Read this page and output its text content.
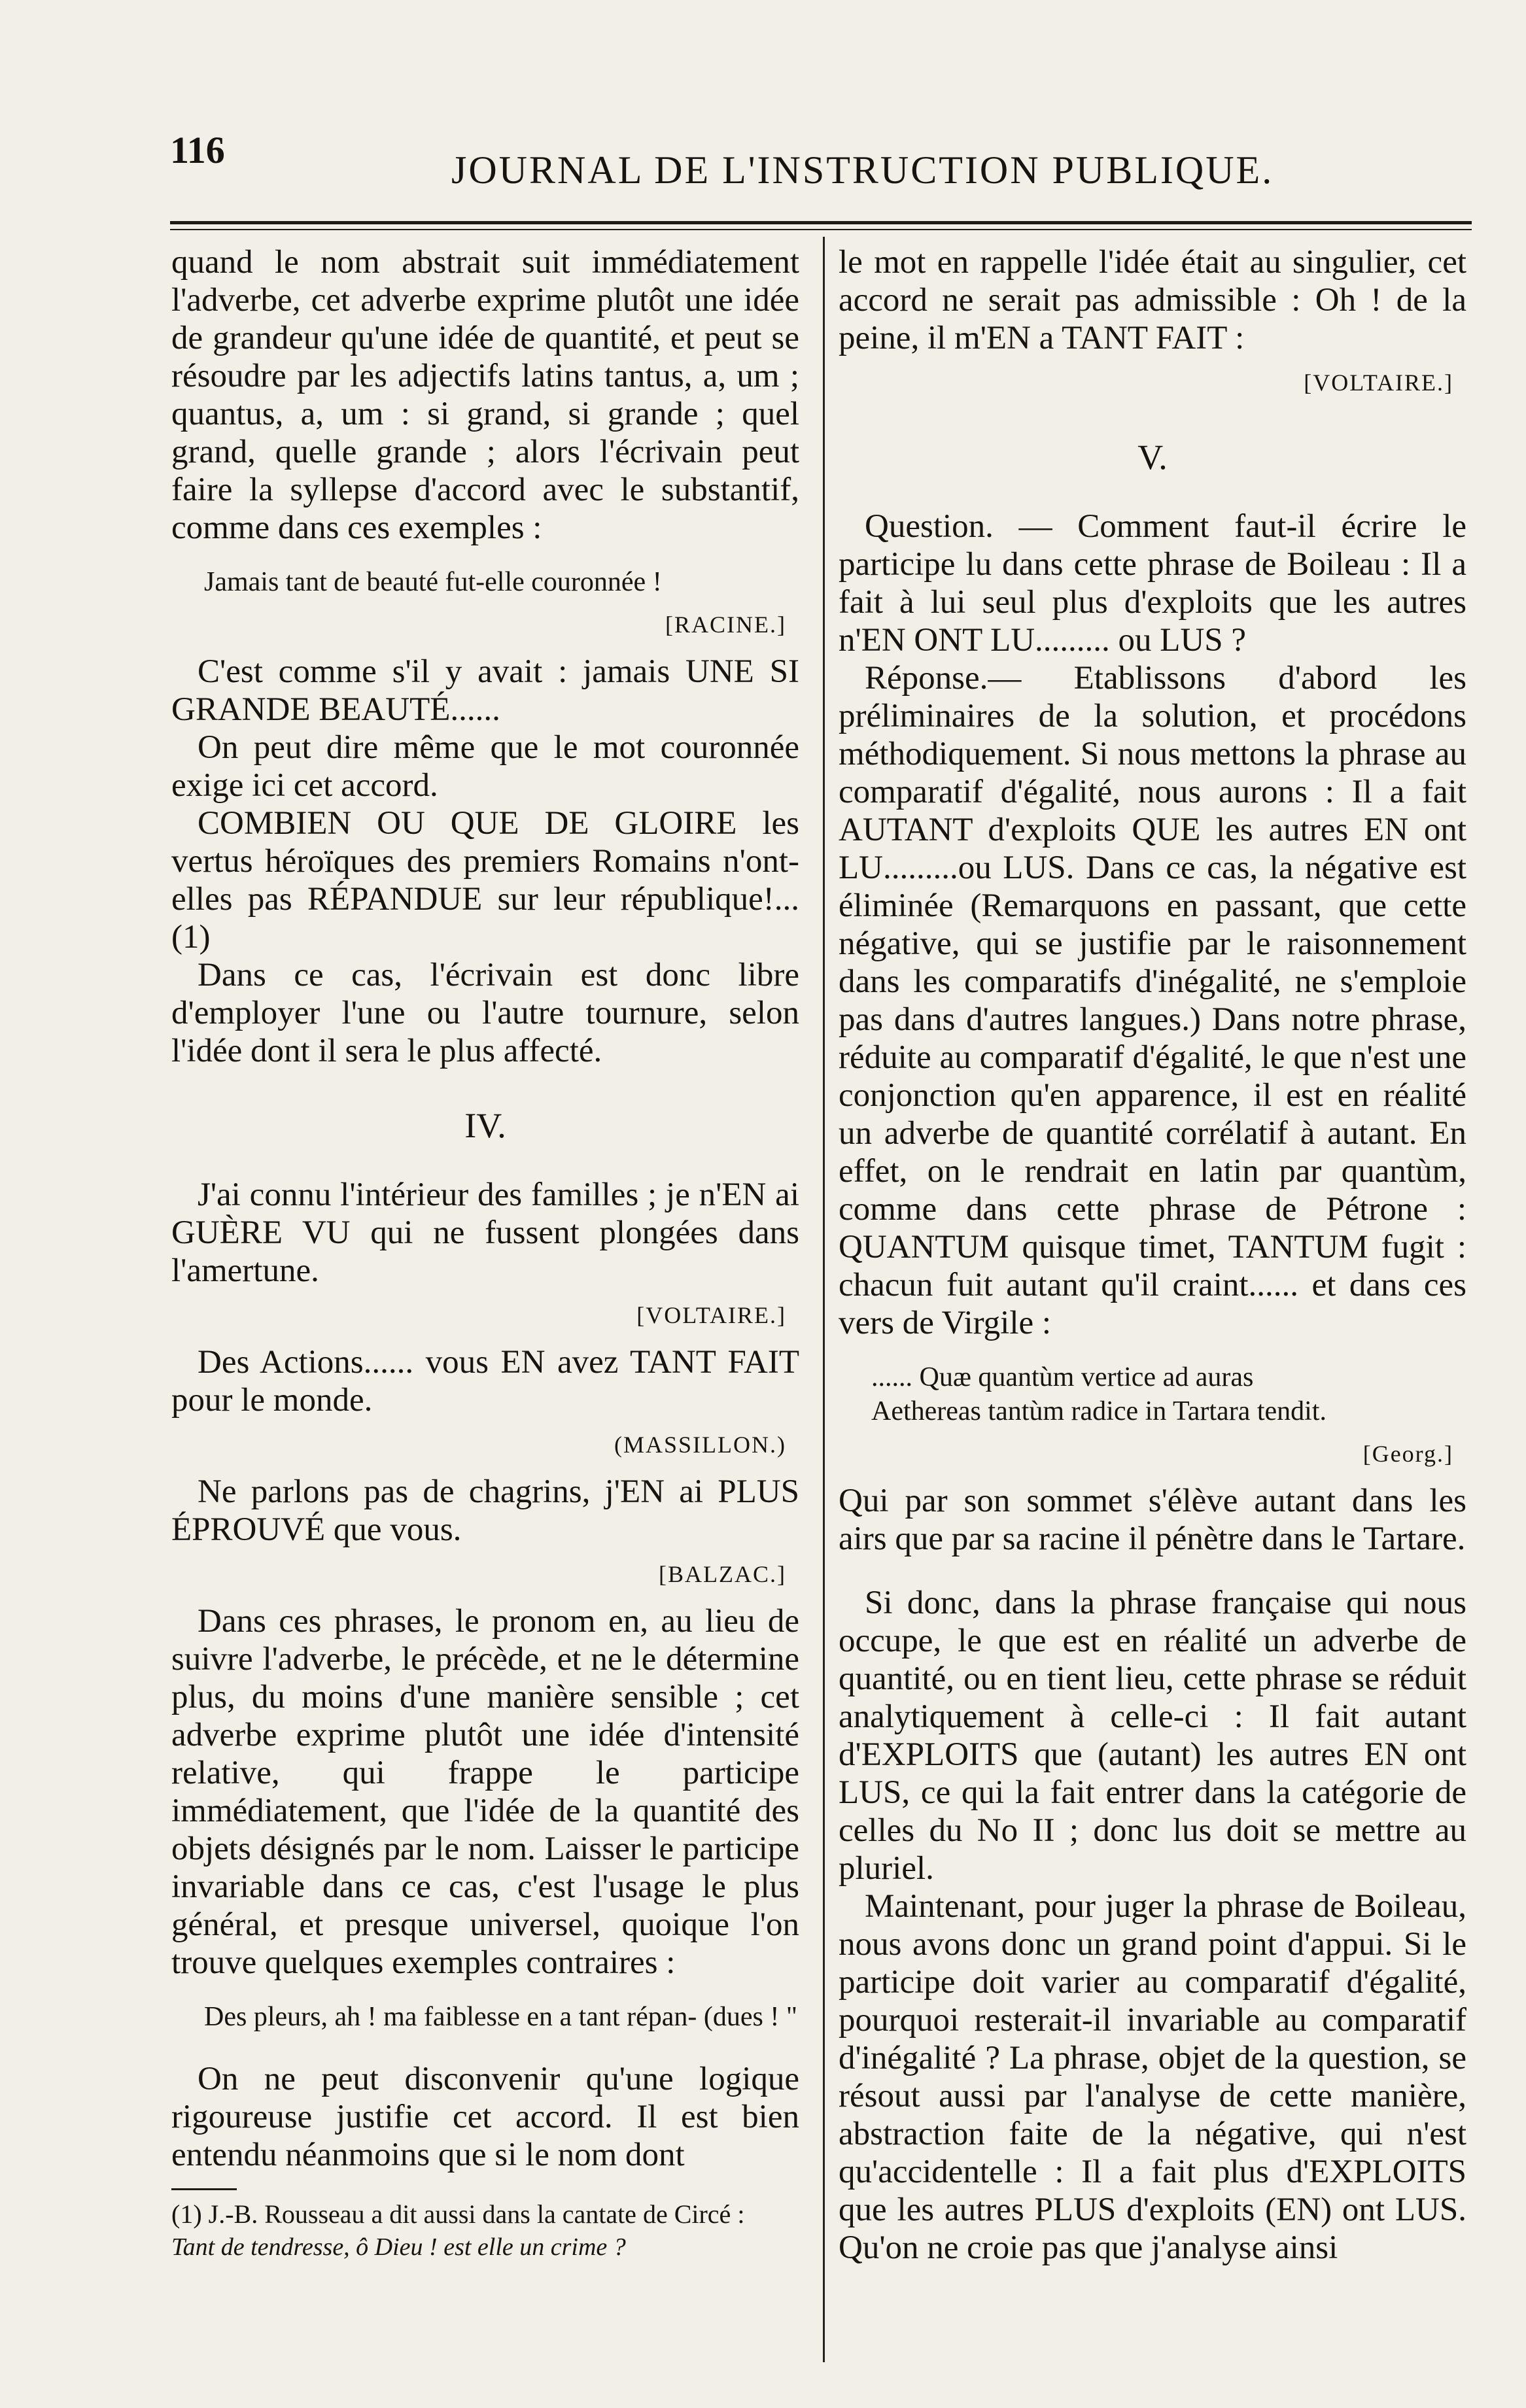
116	JOURNAL DE L'INSTRUCTION PUBLIQUE.

quand le nom abstrait suit immédiatement l'adverbe, cet adverbe exprime plutôt une idée de grandeur qu'une idée de quantité, et peut se résoudre par les adjectifs latins tantus, a, um ; quantus, a, um : si grand, si grande ; quel grand, quelle grande ; alors l'écrivain peut faire la syllepse d'accord avec le substantif, comme dans ces exemples :

Jamais tant de beauté fut-elle couronnée !
[RACINE.]

C'est comme s'il y avait : jamais UNE SI GRANDE BEAUTÉ......

On peut dire même que le mot couronnée exige ici cet accord.

COMBIEN OU QUE DE GLOIRE les vertus héroïques des premiers Romains n'ont-elles pas RÉPANDUE sur leur république!... (1)

Dans ce cas, l'écrivain est donc libre d'employer l'une ou l'autre tournure, selon l'idée dont il sera le plus affecté.

IV.

J'ai connu l'intérieur des familles ; je n'EN ai GUÈRE VU qui ne fussent plongées dans l'amertune.

[VOLTAIRE.]

Des Actions...... vous EN avez TANT FAIT pour le monde.

(MASSILLON.)

Ne parlons pas de chagrins, j'EN ai PLUS ÉPROUVÉ que vous.

[BALZAC.]

Dans ces phrases, le pronom en, au lieu de suivre l'adverbe, le précède, et ne le détermine plus, du moins d'une manière sensible ; cet adverbe exprime plutôt une idée d'intensité relative, qui frappe le participe immédiatement, que l'idée de la quantité des objets désignés par le nom. Laisser le participe invariable dans ce cas, c'est l'usage le plus général, et presque universel, quoique l'on trouve quelques exemples contraires :

Des pleurs, ah ! ma faiblesse en a tant répan- (dues ! "

On ne peut disconvenir qu'une logique rigoureuse justifie cet accord. Il est bien entendu néanmoins que si le nom dont

(1) J.-B. Rousseau a dit aussi dans la cantate de Circé :

Tant de tendresse, ô Dieu ! est elle un crime ?

le mot en rappelle l'idée était au singulier, cet accord ne serait pas admissible : Oh ! de la peine, il m'EN a TANT FAIT :

[VOLTAIRE.]
V.

Question. — Comment faut-il écrire le participe lu dans cette phrase de Boileau : Il a fait à lui seul plus d'exploits que les autres n'EN ONT LU......... ou LUS ?

Réponse.— Etablissons d'abord les préliminaires de la solution, et procédons méthodiquement. Si nous mettons la phrase au comparatif d'égalité, nous aurons : Il a fait AUTANT d'exploits QUE les autres EN ont LU.........ou LUS. Dans ce cas, la négative est éliminée (Remarquons en passant, que cette négative, qui se justifie par le raisonnement dans les comparatifs d'inégalité, ne s'emploie pas dans d'autres langues.) Dans notre phrase, réduite au comparatif d'égalité, le que n'est une conjonction qu'en apparence, il est en réalité un adverbe de quantité corrélatif à autant. En effet, on le rendrait en latin par quantùm, comme dans cette phrase de Pétrone : QUANTUM quisque timet, TANTUM fugit : chacun fuit autant qu'il craint...... et dans ces vers de Virgile :

...... Quæ quantùm vertice ad auras
Aethereas tantùm radice in Tartara tendit.
[Georg.]

Qui par son sommet s'élève autant dans les airs que par sa racine il pénètre dans le Tartare.

Si donc, dans la phrase française qui nous occupe, le que est en réalité un adverbe de quantité, ou en tient lieu, cette phrase se réduit analytiquement à celle-ci : Il fait autant d'EXPLOITS que (autant) les autres EN ont LUS, ce qui la fait entrer dans la catégorie de celles du No II ; donc lus doit se mettre au pluriel.

Maintenant, pour juger la phrase de Boileau, nous avons donc un grand point d'appui. Si le participe doit varier au comparatif d'égalité, pourquoi resterait-il invariable au comparatif d'inégalité ? La phrase, objet de la question, se résout aussi par l'analyse de cette manière, abstraction faite de la négative, qui n'est qu'accidentelle : Il a fait plus d'EXPLOITS que les autres PLUS d'exploits (EN) ont LUS. Qu'on ne croie pas que j'analyse ainsi
